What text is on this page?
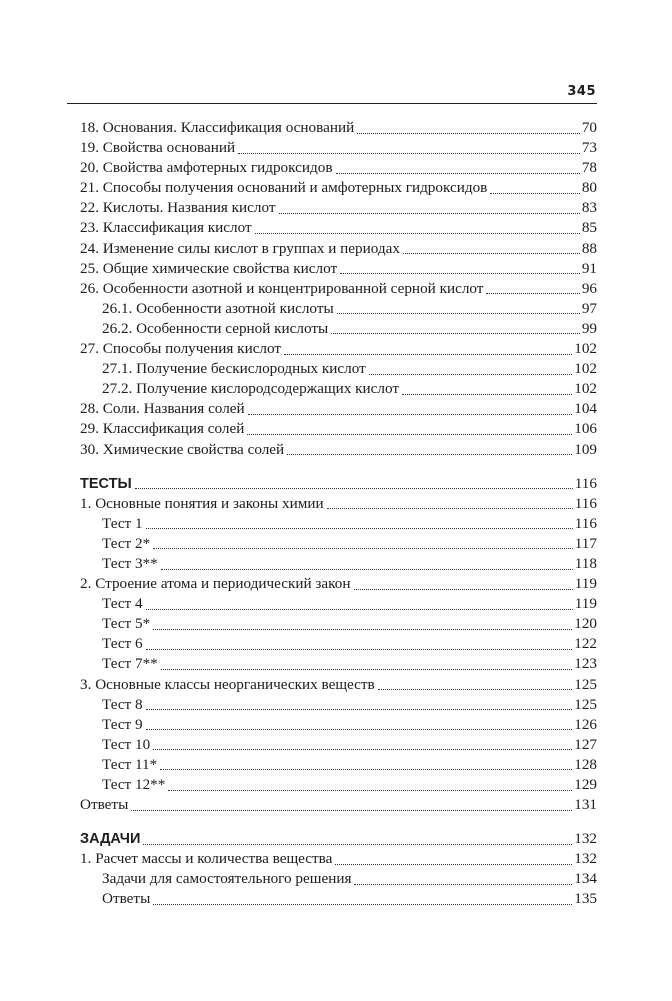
345
18. Основания. Классификация оснований	70
19. Свойства оснований	73
20. Свойства амфотерных гидроксидов	78
21. Способы получения оснований и амфотерных гидроксидов	80
22. Кислоты. Названия кислот	83
23. Классификация кислот	85
24. Изменение силы кислот в группах и периодах	88
25. Общие химические свойства кислот	91
26. Особенности азотной и концентрированной серной кислот	96
26.1. Особенности азотной кислоты	97
26.2. Особенности серной кислоты	99
27. Способы получения кислот	102
27.1. Получение бескислородных кислот	102
27.2. Получение кислородсодержащих кислот	102
28. Соли. Названия солей	104
29. Классификация солей	106
30. Химические свойства солей	109
ТЕСТЫ	116
1. Основные понятия и законы химии	116
Тест 1	116
Тест 2*	117
Тест 3**	118
2. Строение атома и периодический закон	119
Тест 4	119
Тест 5*	120
Тест 6	122
Тест 7**	123
3. Основные классы неорганических веществ	125
Тест 8	125
Тест 9	126
Тест 10	127
Тест 11*	128
Тест 12**	129
Ответы	131
ЗАДАЧИ	132
1. Расчет массы и количества вещества	132
Задачи для самостоятельного решения	134
Ответы	135
